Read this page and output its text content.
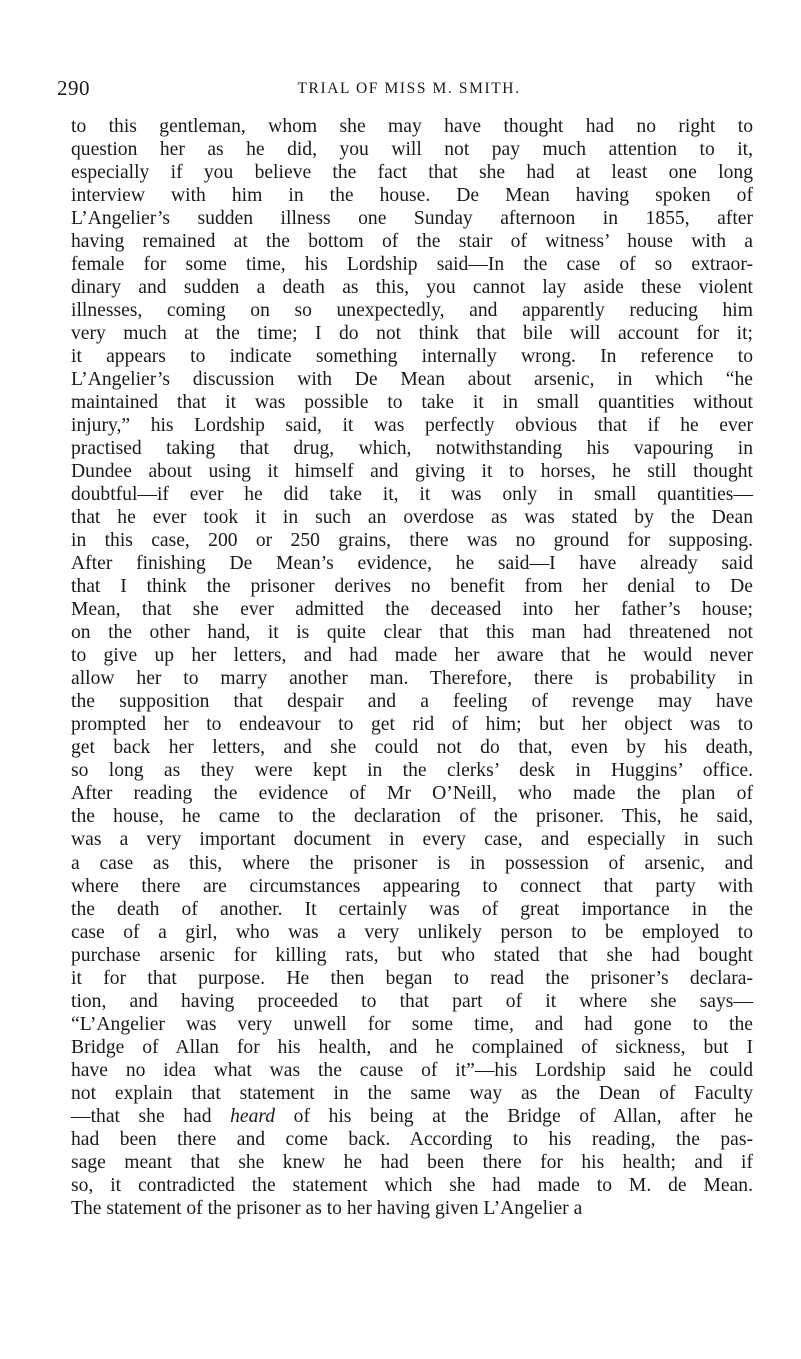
290	TRIAL OF MISS M. SMITH.
to this gentleman, whom she may have thought had no right to
question her as he did, you will not pay much attention to it,
especially if you believe the fact that she had at least one long
interview with him in the house. De Mean having spoken of
L’Angelier’s sudden illness one Sunday afternoon in 1855, after
having remained at the bottom of the stair of witness’ house with a
female for some time, his Lordship said—In the case of so extraor-
dinary and sudden a death as this, you cannot lay aside these violent
illnesses, coming on so unexpectedly, and apparently reducing him
very much at the time; I do not think that bile will account for it;
it appears to indicate something internally wrong. In reference to
L’Angelier’s discussion with De Mean about arsenic, in which “he
maintained that it was possible to take it in small quantities without
injury,” his Lordship said, it was perfectly obvious that if he ever
practised taking that drug, which, notwithstanding his vapouring in
Dundee about using it himself and giving it to horses, he still thought
doubtful—if ever he did take it, it was only in small quantities—
that he ever took it in such an overdose as was stated by the Dean
in this case, 200 or 250 grains, there was no ground for supposing.
After finishing De Mean’s evidence, he said—I have already said
that I think the prisoner derives no benefit from her denial to De
Mean, that she ever admitted the deceased into her father’s house;
on the other hand, it is quite clear that this man had threatened not
to give up her letters, and had made her aware that he would never
allow her to marry another man. Therefore, there is probability in
the supposition that despair and a feeling of revenge may have
prompted her to endeavour to get rid of him; but her object was to
get back her letters, and she could not do that, even by his death,
so long as they were kept in the clerks’ desk in Huggins’ office.
After reading the evidence of Mr O’Neill, who made the plan of
the house, he came to the declaration of the prisoner. This, he said,
was a very important document in every case, and especially in such
a case as this, where the prisoner is in possession of arsenic, and
where there are circumstances appearing to connect that party with
the death of another. It certainly was of great importance in the
case of a girl, who was a very unlikely person to be employed to
purchase arsenic for killing rats, but who stated that she had bought
it for that purpose. He then began to read the prisoner’s declara-
tion, and having proceeded to that part of it where she says—
“L’Angelier was very unwell for some time, and had gone to the
Bridge of Allan for his health, and he complained of sickness, but I
have no idea what was the cause of it”—his Lordship said he could
not explain that statement in the same way as the Dean of Faculty
—that she had heard of his being at the Bridge of Allan, after he
had been there and come back. According to his reading, the pas-
sage meant that she knew he had been there for his health; and if
so, it contradicted the statement which she had made to M. de Mean.
The statement of the prisoner as to her having given L’Angelier a
